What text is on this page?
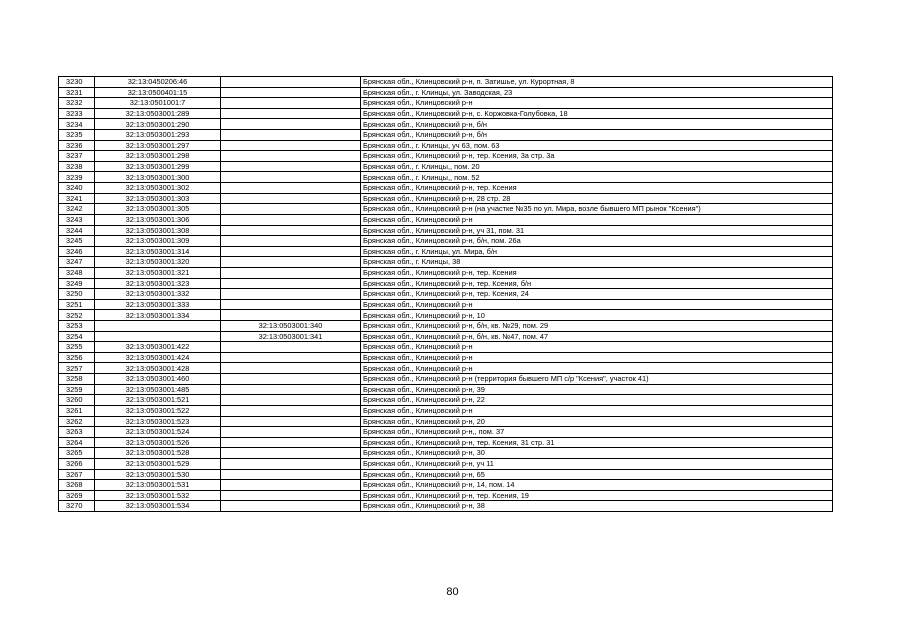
3230	32:13:0450206:46		Брянская обл., Клинцовский р-н, п. Затишье, ул. Курортная, 8
3231	32:13:0500401:15		Брянская обл., г. Клинцы, ул. Заводская, 23
3232	32:13:0501001:7		Брянская обл., Клинцовский р-н
3233	32:13:0503001:289		Брянская обл., Клинцовский р-н, с. Коржовка-Голубовка, 18
3234	32:13:0503001:290		Брянская обл., Клинцовский р-н, б/н
3235	32:13:0503001:293		Брянская обл., Клинцовский р-н, б/н
3236	32:13:0503001:297		Брянская обл., г. Клинцы, уч 63, пом. 63
3237	32:13:0503001:298		Брянская обл., Клинцовский р-н, тер. Ксения, 3а стр. 3а
3238	32:13:0503001:299		Брянская обл., г. Клинцы,, пом. 20
3239	32:13:0503001:300		Брянская обл., г. Клинцы,, пом. 52
3240	32:13:0503001:302		Брянская обл., Клинцовский р-н, тер. Ксения
3241	32:13:0503001:303		Брянская обл., Клинцовский р-н, 28 стр. 28
3242	32:13:0503001:305		Брянская обл., Клинцовский р-н (на участке №35 по ул. Мира, возле бывшего МП рынок "Ксения")
3243	32:13:0503001:306		Брянская обл., Клинцовский р-н
3244	32:13:0503001:308		Брянская обл., Клинцовский р-н, уч 31, пом. 31
3245	32:13:0503001:309		Брянская обл., Клинцовский р-н, б/н, пом. 26а
3246	32:13:0503001:314		Брянская обл., г. Клинцы, ул. Мира, б/н
3247	32:13:0503001:320		Брянская обл., г. Клинцы, 38
3248	32:13:0503001:321		Брянская обл., Клинцовский р-н, тер. Ксения
3249	32:13:0503001:323		Брянская обл., Клинцовский р-н, тер. Ксения, б/н
3250	32:13:0503001:332		Брянская обл., Клинцовский р-н, тер. Ксения, 24
3251	32:13:0503001:333		Брянская обл., Клинцовский р-н
3252	32:13:0503001:334		Брянская обл., Клинцовский р-н, 10
3253		32:13:0503001:340	Брянская обл., Клинцовский р-н, б/н, кв. №29, пом. 29
3254		32:13:0503001:341	Брянская обл., Клинцовский р-н, б/н, кв. №47, пом. 47
3255	32:13:0503001:422		Брянская обл., Клинцовский р-н
3256	32:13:0503001:424		Брянская обл., Клинцовский р-н
3257	32:13:0503001:428		Брянская обл., Клинцовский р-н
3258	32:13:0503001:460		Брянская обл., Клинцовский р-н (территория бывшего МП с/р "Ксения", участок 41)
3259	32:13:0503001:485		Брянская обл., Клинцовский р-н, 39
3260	32:13:0503001:521		Брянская обл., Клинцовский р-н, 22
3261	32:13:0503001:522		Брянская обл., Клинцовский р-н
3262	32:13:0503001:523		Брянская обл., Клинцовский р-н, 20
3263	32:13:0503001:524		Брянская обл., Клинцовский р-н,, пом. 37
3264	32:13:0503001:526		Брянская обл., Клинцовский р-н, тер. Ксения, 31 стр. 31
3265	32:13:0503001:528		Брянская обл., Клинцовский р-н, 30
3266	32:13:0503001:529		Брянская обл., Клинцовский р-н, уч 11
3267	32:13:0503001:530		Брянская обл., Клинцовский р-н, 65
3268	32:13:0503001:531		Брянская обл., Клинцовский р-н, 14, пом. 14
3269	32:13:0503001:532		Брянская обл., Клинцовский р-н, тер. Ксения, 19
3270	32:13:0503001:534		Брянская обл., Клинцовский р-н, 38
80
